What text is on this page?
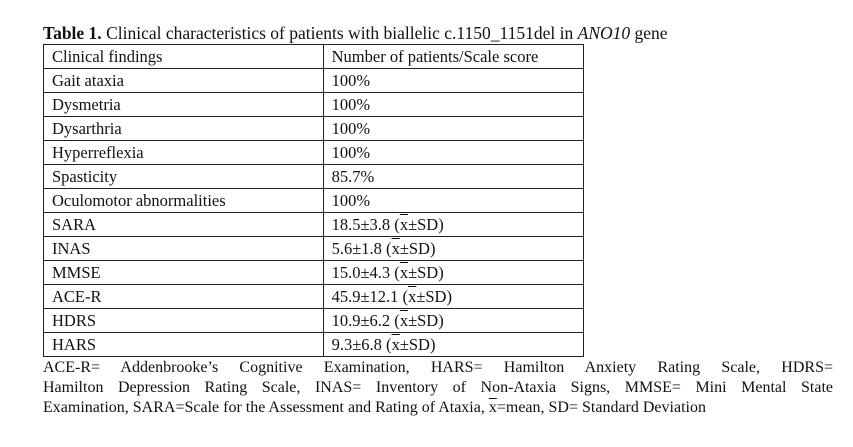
Table 1. Clinical characteristics of patients with biallelic c.1150_1151del in ANO10 gene
Clinical findings	Number of patients/Scale score
Gait ataxia	100%
Dysmetria	100%
Dysarthria	100%
Hyperreflexia	100%
Spasticity	85.7%
Oculomotor abnormalities	100%
SARA	18.5±3.8 $(\overline{x}\pm SD)$
INAS	5.6±1.8 $(\overline{x}\pm SD)$
MMSE	15.0±4.3 $(\overline{x}\pm SD)$
ACE-R	45.9±12.1 $(\overline{x}\pm SD)$
HDRS	10.9±6.2 $(\overline{x}\pm SD)$
HARS	9.3±6.8 $(\overline{x}\pm SD)$
ACE-R= Addenbrooke’s Cognitive Examination, HARS= Hamilton Anxiety Rating Scale, HDRS=
Hamilton Depression Rating Scale, INAS= Inventory of Non-Ataxia Signs, MMSE= Mini Mental State
Examination, SARA=Scale for the Assessment and Rating of Ataxia, $\overline{x}=mean$, SD= Standard Deviation
